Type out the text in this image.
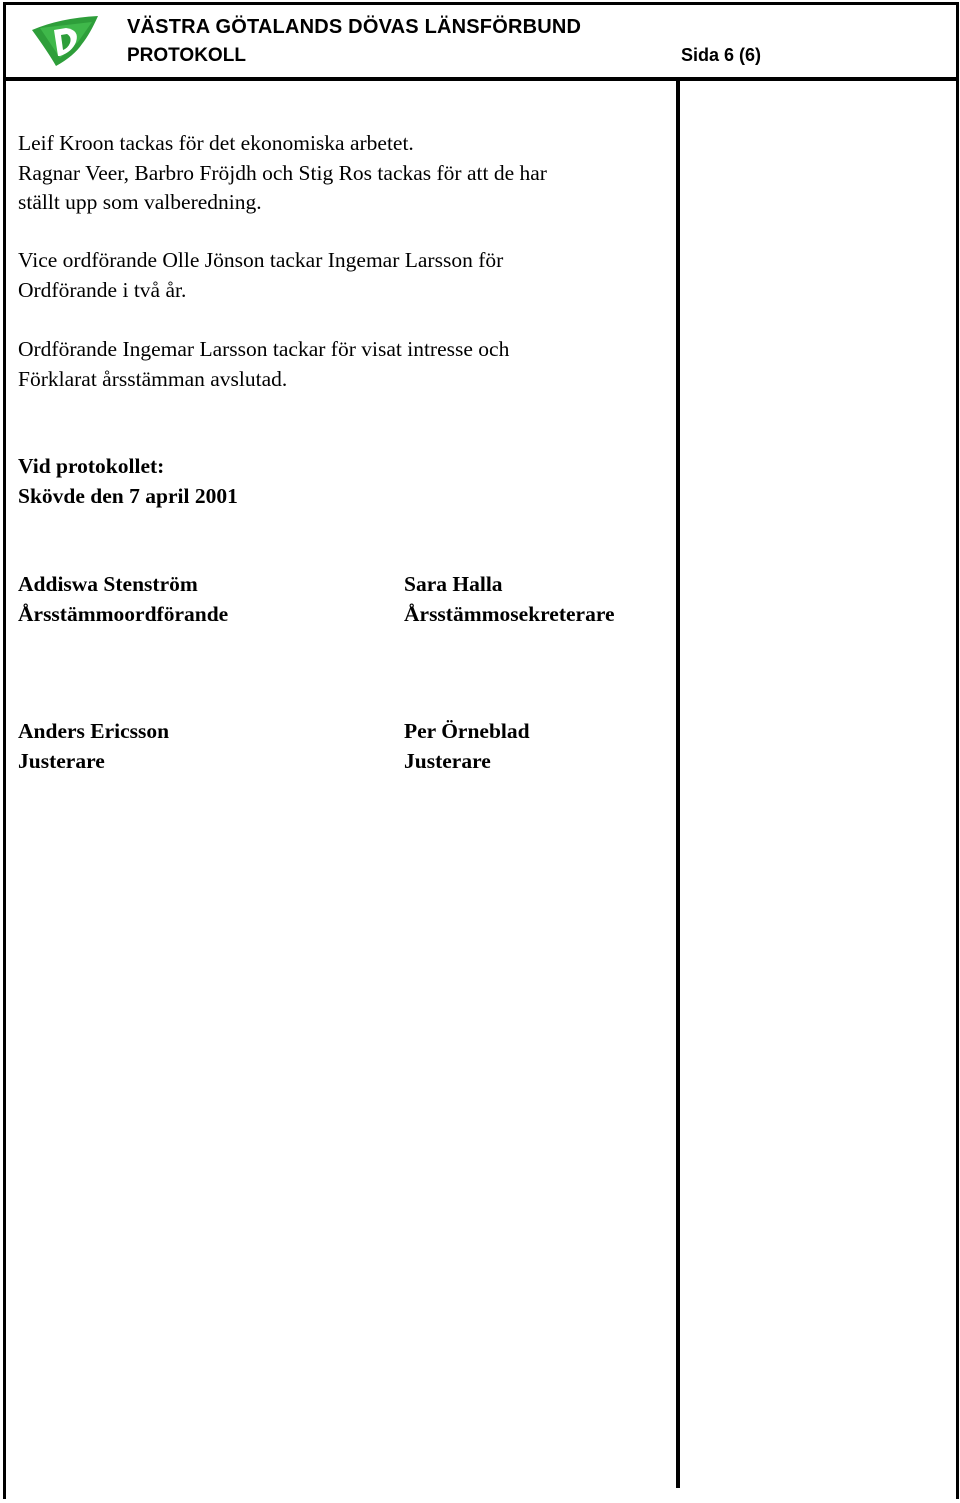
VÄSTRA GÖTALANDS DÖVAS LÄNSFÖRBUND
PROTOKOLL	Sida 6 (6)
Leif Kroon tackas för det ekonomiska arbetet.
Ragnar Veer, Barbro Fröjdh och Stig Ros tackas för att de har
ställt upp som valberedning.
Vice ordförande Olle Jönson tackar Ingemar Larsson för
Ordförande i två år.
Ordförande Ingemar Larsson tackar för visat intresse och
Förklarat årsstämman avslutad.
Vid protokollet:
Skövde den 7 april 2001
Addiswa Stenström
Årsstämmoordförande
Sara Halla
Årsstämmosekreterare
Anders Ericsson
Justerare
Per Örneblad
Justerare
